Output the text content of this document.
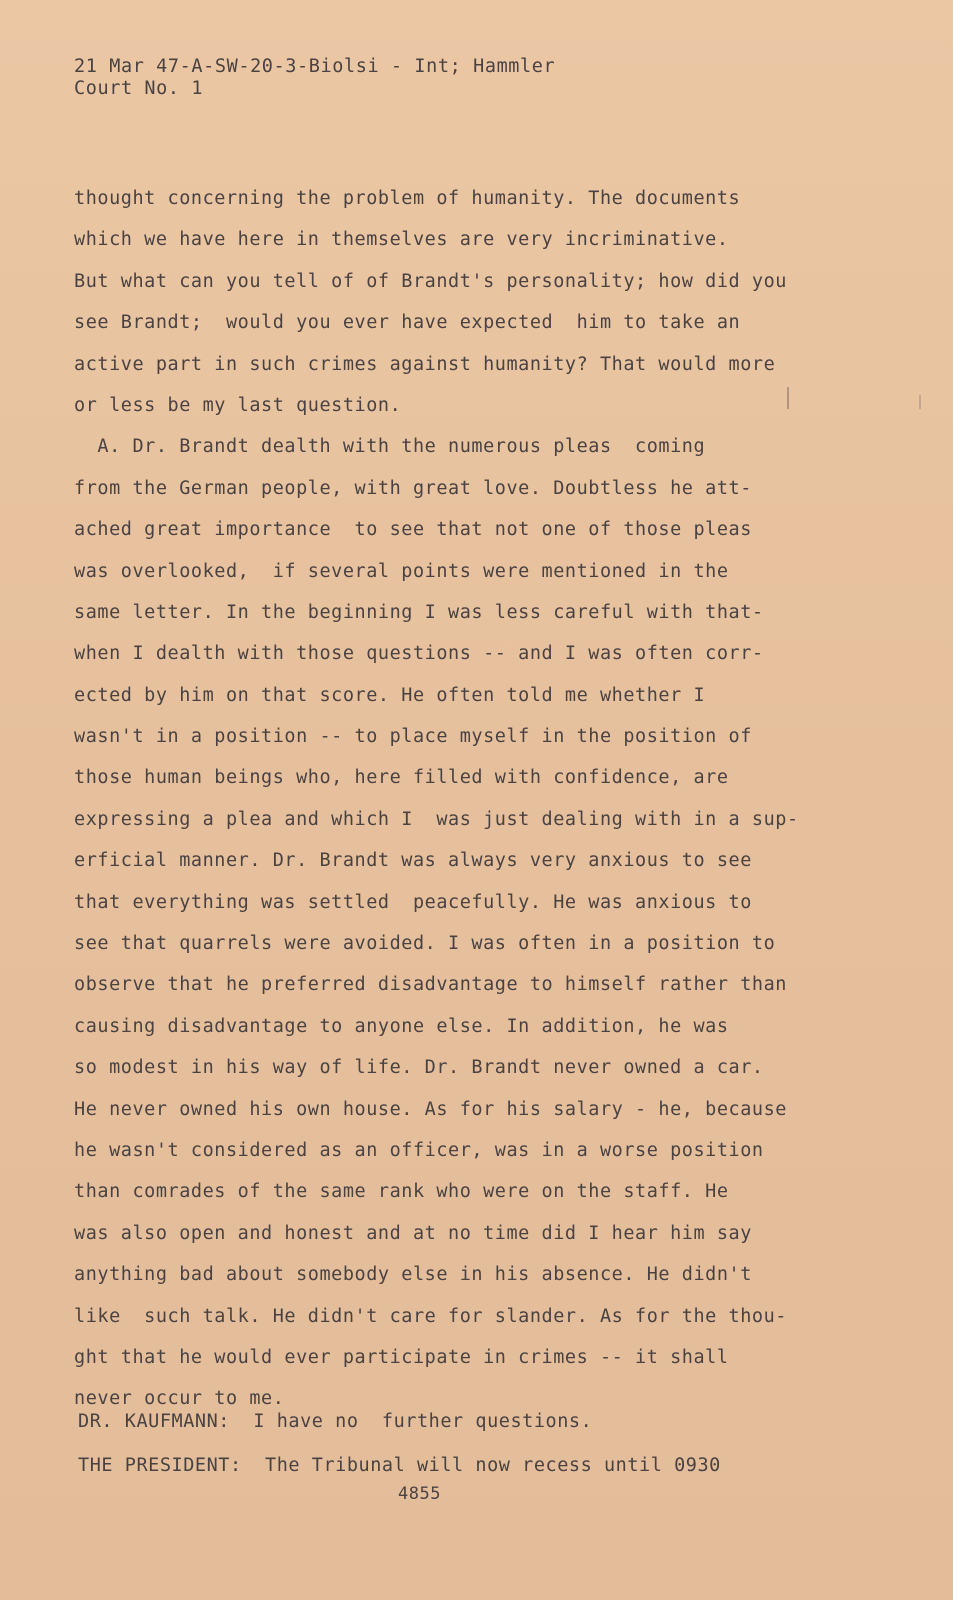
21 Mar 47-A-SW-20-3-Biolsi - Int; Hammler
Court No. 1
thought concerning the problem of humanity. The documents
which we have here in themselves are very incriminative.
But what can you tell of of Brandt's personality; how did you
see Brandt;  would you ever have expected  him to take an
active part in such crimes against humanity? That would more
or less be my last question.
A. Dr. Brandt dealth with the numerous pleas  coming
from the German people, with great love. Doubtless he att-
ached great importance  to see that not one of those pleas
was overlooked,  if several points were mentioned in the
same letter. In the beginning I was less careful with that-
when I dealth with those questions -- and I was often corr-
ected by him on that score. He often told me whether I
wasn't in a position -- to place myself in the position of
those human beings who, here filled with confidence, are
expressing a plea and which I  was just dealing with in a sup-
erficial manner. Dr. Brandt was always very anxious to see
that everything was settled  peacefully. He was anxious to
see that quarrels were avoided. I was often in a position to
observe that he preferred disadvantage to himself rather than
causing disadvantage to anyone else. In addition, he was
so modest in his way of life. Dr. Brandt never owned a car.
He never owned his own house. As for his salary - he, because
he wasn't considered as an officer, was in a worse position
than comrades of the same rank who were on the staff. He
was also open and honest and at no time did I hear him say
anything bad about somebody else in his absence. He didn't
like  such talk. He didn't care for slander. As for the thou-
ght that he would ever participate in crimes -- it shall
never occur to me.
DR. KAUFMANN:  I have no  further questions.
THE PRESIDENT:  The Tribunal will now recess until 0930
4855
